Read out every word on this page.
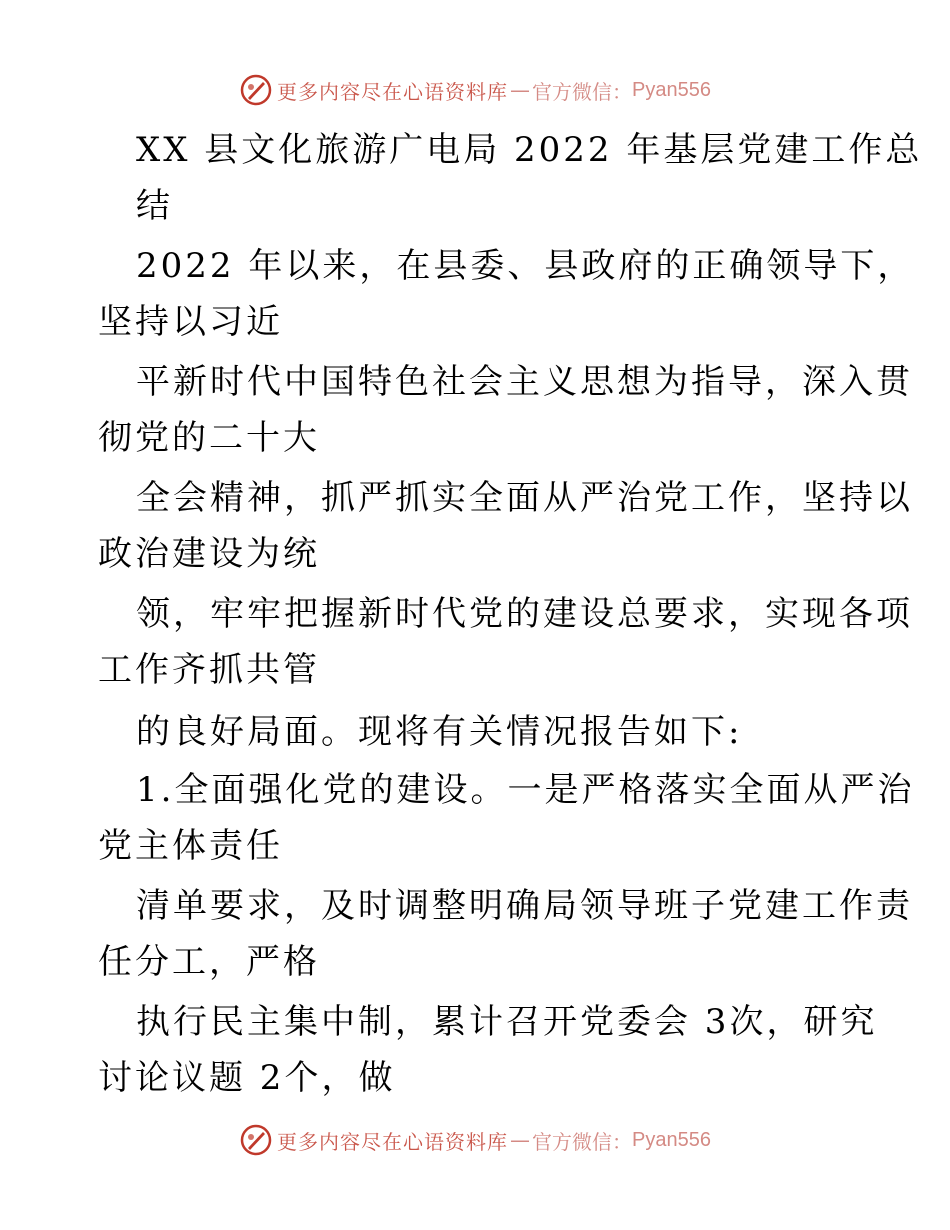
更多内容尽在心语资料库 — 官方微信： Pyan556
XX 县文化旅游广电局 2022 年基层党建工作总
结
2022 年以来，在县委、县政府的正确领导下，
坚持以习近
平新时代中国特色社会主义思想为指导，深入贯
彻党的二十大
全会精神，抓严抓实全面从严治党工作，坚持以
政治建设为统
领，牢牢把握新时代党的建设总要求，实现各项
工作齐抓共管
的良好局面。现将有关情况报告如下:
1.全面强化党的建设。一是严格落实全面从严治
党主体责任
清单要求，及时调整明确局领导班子党建工作责
任分工，严格
执行民主集中制，累计召开党委会 3次，研究
讨论议题 2个，做
更多内容尽在心语资料库 — 官方微信： Pyan556
